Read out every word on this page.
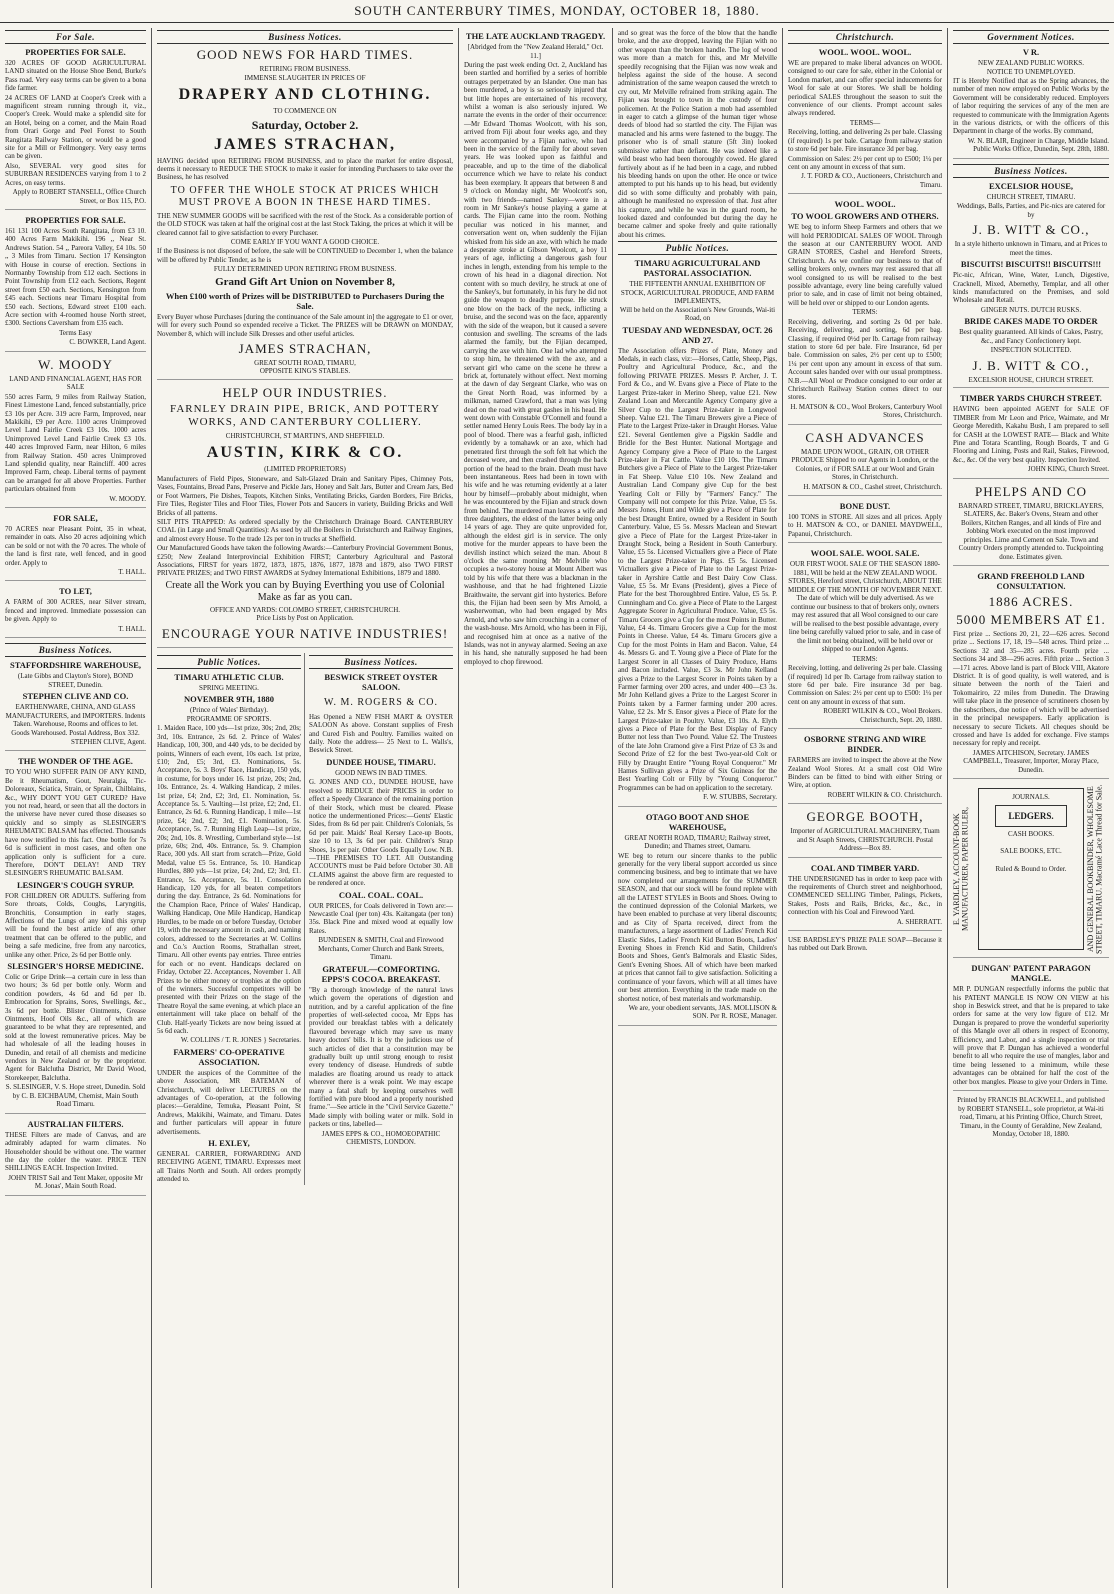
SOUTH CANTERBURY TIMES, MONDAY, OCTOBER 18, 1880.
For Sale.
PROPERTIES FOR SALE.

320 ACRES OF GOOD AGRICULTURAL LAND situated on the House Shoe Bend, Burke's Pass road. Very easy terms can be given to a bona fide farmer.

24 ACRES OF LAND at Cooper's Creek with a magnificent stream running through it, viz., Cooper's Creek. Would make a splendid site for an Hotel, being on a corner, and the Main Road from Orari Gorge and Peel Forest to South Rangitata Railway Station, or would be a good site for a Mill or Fellmongery. Very easy terms can be given.

Also, SEVERAL very good sites for SUBURBAN RESIDENCES varying from 1 to 2 Acres, on easy terms.

Apply to ROBERT STANSELL, Office Church Street, or Box 115, P.O.

PROPERTIES FOR SALE.

161 131 100 Acres South Rangitata, from £3 10. 400 Acres Farm Makikihi. 196 ,, Near St. Andrews Station. 54 ,, Pareora Valley, £4 10s. 50 ,, 3 Miles from Timaru. Section 17 Kensington with House in course of erection. Sections in Normanby Township from £12 each. Sections in Point Township from £12 each. Sections, Regent street from £50 each. Sections, Kensington from £45 each. Sections near Timaru Hospital from £50 each. Sections, Edward street £100 each. Acre section with 4-roomed house North street, £300. Sections Caversham from £35 each.

Terms Easy

C. BOWKER, Land Agent.

W. MOODY

LAND AND FINANCIAL AGENT, HAS FOR SALE

550 acres Farm, 9 miles from Railway Station, Finest Limestone Land, fenced substantially, price £3 10s per Acre. 319 acre Farm, Improved, near Makikihi, £9 per Acre. 1100 acres Unimproved Level Land Fairlie Creek £3 10s. 1000 acres Unimproved Level Land Fairlie Creek £3 10s. 440 acres Improved Farm, near Hilton, 6 miles from Railway Station. 450 acres Unimproved Land splendid quality, near Raincliff. 400 acres Improved Farm, cheap. Liberal terms of payment can be arranged for all above Properties. Further particulars obtained from

W. MOODY.

FOR SALE,

70 ACRES near Pleasant Point, 35 in wheat, remainder in oats. Also 20 acres adjoining which can be sold or not with the 70 acres. The whole of the land is first rate, well fenced, and in good order. Apply to

T. HALL.

TO LET,

A FARM of 300 ACRES, near Silver stream, fenced and improved. Immediate possession can be given. Apply to

T. HALL.

Business Notices.
STAFFORDSHIRE WAREHOUSE,

(Late Gibbs and Clayton's Store), BOND STREET, Dunedin.

STEPHEN CLIVE AND CO.

EARTHENWARE, CHINA, AND GLASS MANUFACTURERS, and IMPORTERS. Indents Taken. Warehouse, Rooms and offices to let. Goods Warehoused. Postal Address, Box 332.

STEPHEN CLIVE, Agent.

THE WONDER OF THE AGE.

TO YOU WHO SUFFER PAIN OF ANY KIND, Be it Rheumatism, Gout, Neuralgia, Tic-Doloreaux, Sciatica, Strain, or Sprain, Chilblains, &c., WHY DON'T YOU GET CURED? Have you not read, heard, or seen that all the doctors in the universe have never cured those diseases so quickly and so simply as SLESINGER'S RHEUMATIC BALSAM has effected. Thousands have now testified to this fact. One bottle for 7s 6d is sufficient in most cases, and often one application only is sufficient for a cure. Therefore, DON'T DELAY! AND TRY SLESINGER'S RHEUMATIC BALSAM.

LESINGER'S COUGH SYRUP.

FOR CHILDREN OR ADULTS. Suffering from Sore throats, Colds, Coughs, Laryngitis, Bronchitis, Consumption in early stages, Affections of the Lungs of any kind this syrup will be found the best article of any other treatment that can be offered to the public, and being a safe medicine, free from any narcotics, unlike any other. Price, 2s 6d per Bottle only.

SLESINGER'S HORSE MEDICINE.

Colic or Gripe Drink—a certain cure in less than two hours; 3s 6d per bottle only. Worm and condition powders, 4s 6d and 6d per lb. Embrocation for Sprains, Sores, Swellings, &c., 3s 6d per bottle. Blister Ointments, Grease Ointments, Hoof Oils &c., all of which are guaranteed to be what they are represented, and sold at the lowest remunerative prices. May be had wholesale of all the leading houses in Dunedin, and retail of all chemists and medicine vendors in New Zealand or by the proprietor. Agent for Balclutha District, Mr David Wood, Storekeeper, Balclutha.

S. SLESINGER, V. S. Hope street, Dunedin. Sold by C. B. EICHBAUM, Chemist, Main South Road Timaru.

AUSTRALIAN FILTERS.

THESE Filters are made of Canvas, and are admirably adapted for warm climates. No Householder should be without one. The warmer the day the colder the water. PRICE TEN SHILLINGS EACH. Inspection Invited.

JOHN TRIST Sail and Tent Maker, opposite Mr M. Jonas', Main South Road.

Business Notices.
GOOD NEWS FOR HARD TIMES.
RETIRING FROM BUSINESS.
IMMENSE SLAUGHTER IN PRICES OF
DRAPERY AND CLOTHING.
TO COMMENCE ON
Saturday, October 2.
JAMES STRACHAN,

HAVING decided upon RETIRING FROM BUSINESS, and to place the market for entire disposal, deems it necessary to REDUCE THE STOCK to make it easier for intending Purchasers to take over the Business, he has resolved

TO OFFER THE WHOLE STOCK AT PRICES WHICH MUST PROVE A BOON IN THESE HARD TIMES.

THE NEW SUMMER GOODS will be sacrificed with the rest of the Stock. As a considerable portion of the OLD STOCK was taken at half the original cost at the last Stock Taking, the prices at which it will be cleared cannot fail to give satisfaction to every Purchaser.

COME EARLY IF YOU WANT A GOOD CHOICE.

If the Business is not disposed of before, the sale will be CONTINUED to December 1, when the balance will be offered by Public Tender, as he is

FULLY DETERMINED UPON RETIRING FROM BUSINESS.
Grand Gift Art Union on November 8,
When £100 worth of Prizes will be DISTRIBUTED to Purchasers During the Sale.

Every Buyer whose Purchases [during the continuance of the Sale amount in] the aggregate to £1 or over, will for every such Pound so expended receive a Ticket. The PRIZES will be DRAWN on MONDAY, November 8, which will include Silk Dresses and other useful articles.

JAMES STRACHAN,
GREAT SOUTH ROAD, TIMARU,
OPPOSITE KING'S STABLES.
HELP OUR INDUSTRIES.
FARNLEY DRAIN PIPE, BRICK, AND POTTERY WORKS, AND CANTERBURY COLLIERY.
CHRISTCHURCH, ST MARTIN'S, AND SHEFFIELD.
AUSTIN, KIRK & CO.
(LIMITED PROPRIETORS)

Manufacturers of Field Pipes, Stoneware, and Salt-Glazed Drain and Sanitary Pipes, Chimney Pots, Vases, Fountains, Bread Pans, Preserve and Pickle Jars, Honey and Salt Jars, Butter and Cream Jars, Bed or Foot Warmers, Pie Dishes, Teapots, Kitchen Sinks, Ventilating Bricks, Garden Borders, Fire Bricks, Fire Tiles, Register Tiles and Floor Tiles, Flower Pots and Saucers in variety, Building Bricks and Well Bricks of all patterns.

SILT PITS TRAPPED: As ordered specially by the Christchurch Drainage Board. CANTERBURY COAL (in Large and Small Quantities): As used by all the Boilers in Christchurch and Railway Engines, and almost every House. To the trade 12s per ton in trucks at Sheffield.

Our Manufactured Goods have taken the following Awards:—Canterbury Provincial Government Bonus, £250; New Zealand Interprovincial Exhibition FIRST; Canterbury Agricultural and Pastoral Associations, FIRST for years 1872, 1873, 1875, 1876, 1877, 1878 and 1879, also TWO FIRST PRIVATE PRIZES; and TWO FIRST AWARDS at Sydney International Exhibitions, 1879 and 1880.

Create all the Work you can by Buying Everthing you use of Colonial Make as far as you can.
OFFICE AND YARDS: COLOMBO STREET, CHRISTCHURCH.
Price Lists by Post on Application.
ENCOURAGE YOUR NATIVE INDUSTRIES!
Public Notices.
TIMARU ATHLETIC CLUB.
SPRING MEETING.
NOVEMBER 9TH, 1880
(Prince of Wales' Birthday).
PROGRAMME OF SPORTS.

1. Maiden Race, 100 yds—1st prize, 30s; 2nd, 20s; 3rd, 10s. Entrance, 2s 6d. 2. Prince of Wales' Handicap, 100, 300, and 440 yds, to be decided by points, Winners of each event, 10s each. 1st prize, £10; 2nd, £5; 3rd, £3. Nominations, 5s. Acceptance, 5s. 3. Boys' Race, Handicap, 150 yds, in costume, for boys under 16. 1st prize, 20s; 2nd, 10s. Entrance, 2s. 4. Walking Handicap, 2 miles. 1st prize, £4; 2nd, £2; 3rd, £1. Nomination, 5s. Acceptance 5s. 5. Vaulting—1st prize, £2; 2nd, £1. Entrance, 2s 6d. 6. Running Handicap, 1 mile—1st prize, £4; 2nd, £2; 3rd, £1. Nomination, 5s. Acceptance, 5s. 7. Running High Leap—1st prize, 20s; 2nd, 10s. 8. Wrestling, Cumberland style—1st prize, 60s; 2nd, 40s. Entrance, 5s. 9. Champion Race, 300 yds. All start from scratch—Prize, Gold Medal, value £5 5s. Entrance, 5s. 10. Handicap Hurdles, 880 yds—1st prize, £4; 2nd, £2; 3rd, £1. Entrance, 5s. Acceptance, 5s. 11. Consolation Handicap, 120 yds, for all beaten competitors during the day. Entrance, 2s 6d. Nominations for the Champion Race, Prince of Wales' Handicap, Walking Handicap, One Mile Handicap, Handicap Hurdles, to be made on or before Tuesday, October 19, with the necessary amount in cash, and naming colors, addressed to the Secretaries at W. Collins and Co.'s Auction Rooms, Strathallan street, Timaru. All other events pay entries. Three entries for each or no event. Handicaps declared on Friday, October 22. Acceptances, November 1. All Prizes to be either money or trophies at the option of the winners. Successful competitors will be presented with their Prizes on the stage of the Theatre Royal the same evening, at which place an entertainment will take place on behalf of the Club. Half-yearly Tickets are now being issued at 5s 6d each.

W. COLLINS / T. R. JONES } Secretaries.

FARMERS' CO-OPERATIVE ASSOCIATION.

UNDER the auspices of the Committee of the above Association, MR BATEMAN of Christchurch, will deliver LECTURES on the advantages of Co-operation, at the following places:—Geraldine, Temuka, Pleasant Point, St Andrews, Makikihi, Waimate, and Timaru. Dates and further particulars will appear in future advertisements.

H. EXLEY,

GENERAL CARRIER, FORWARDING AND RECEIVING AGENT, TIMARU. Expresses meet all Trains North and South. All orders promptly attended to.

Business Notices.
BESWICK STREET OYSTER SALOON.
W. M. ROGERS & CO.

Has Opened a NEW FISH MART & OYSTER SALOON As above. Constant supplies of Fresh and Cured Fish and Poultry. Families waited on daily. Note the address— 25 Next to L. Walls's, Beswick Street.

DUNDEE HOUSE, TIMARU.
GOOD NEWS IN BAD TIMES.

G. JONES AND CO., DUNDEE HOUSE, have resolved to REDUCE their PRICES in order to effect a Speedy Clearance of the remaining portion of their Stock, which must be cleared. Please notice the undermentioned Prices:—Gents' Elastic Sides, from 8s 6d per pair. Children's Colonials, 5s 6d per pair. Maids' Real Kersey Lace-up Boots, size 10 to 13, 3s 6d per pair. Children's Strap Shoes, 1s per pair. Other Goods Equally Low. N.B.—THE PREMISES TO LET. All Outstanding ACCOUNTS must be Paid before October 30. All CLAIMS against the above firm are requested to be rendered at once.

COAL. COAL. COAL.

OUR PRICES, for Coals delivered in Town are:— Newcastle Coal (per ton) 43s. Kaitangata (per ton) 35s. Black Pine and mixed wood at equally low Rates.

BUNDESEN & SMITH, Coal and Firewood Merchants, Corner Church and Bank Streets, Timaru.

GRATEFUL—COMFORTING. EPPS'S COCOA. BREAKFAST.

"By a thorough knowledge of the natural laws which govern the operations of digestion and nutrition, and by a careful application of the fine properties of well-selected cocoa, Mr Epps has provided our breakfast tables with a delicately flavoured beverage which may save us many heavy doctors' bills. It is by the judicious use of such articles of diet that a constitution may be gradually built up until strong enough to resist every tendency of disease. Hundreds of subtle maladies are floating around us ready to attack wherever there is a weak point. We may escape many a fatal shaft by keeping ourselves well fortified with pure blood and a properly nourished frame."—See article in the "Civil Service Gazette." Made simply with boiling water or milk. Sold in packets or tins, labelled—

JAMES EPPS & CO., HOMOEOPATHIC CHEMISTS, LONDON.

THE LATE AUCKLAND TRAGEDY.

[Abridged from the "New Zealand Herald," Oct. 11.]

During the past week ending Oct. 2, Auckland has been startled and horrified by a series of horrible outrages perpetrated by an Islander. One man has been murdered, a boy is so seriously injured that but little hopes are entertained of his recovery, whilst a woman is also seriously injured. We narrate the events in the order of their occurrence:—Mr Edward Thomas Woolcott, with his son, arrived from Fiji about four weeks ago, and they were accompanied by a Fijian native, who had been in the service of the family for about seven years. He was looked upon as faithful and peaceable, and up to the time of the diabolical occurrence which we have to relate his conduct has been exemplary. It appears that between 8 and 9 o'clock on Monday night, Mr Woolcott's son, with two friends—named Sankey—were in a room in Mr Sankey's house playing a game at cards. The Fijian came into the room. Nothing peculiar was noticed in his manner, and conversation went on, when suddenly the Fijian whisked from his side an axe, with which he made a desperate stroke at Gibson Woolcott, a boy 11 years of age, inflicting a dangerous gash four inches in length, extending from his temple to the crown of his head in a diagonal direction. Not content with so much devilry, he struck at one of the Sankey's, but fortunately, in his fury he did not guide the weapon to deadly purpose. He struck one blow on the back of the neck, inflicting a bruise, and the second was on the face, apparently with the side of the weapon, but it caused a severe contusion and swelling. The screams of the lads alarmed the family, but the Fijian decamped, carrying the axe with him. One lad who attempted to stop him, he threatened with the axe, and a servant girl who came on the scene he threw a brick at, fortunately without effect. Next morning at the dawn of day Sergeant Clarke, who was on the Great North Road, was informed by a milkman, named Crawford, that a man was lying dead on the road with great gashes in his head. He went down with Constable O'Connell and found a settler named Henry Louis Rees. The body lay in a pool of blood. There was a fearful gash, inflicted evidently by a tomahawk or an axe, which had penetrated first through the soft felt hat which the deceased wore, and then crashed through the back portion of the head to the brain. Death must have been instantaneous. Rees had been in town with his wife and he was returning evidently at a later hour by himself—probably about midnight, when he was encountered by the Fijian and struck down from behind. The murdered man leaves a wife and three daughters, the eldest of the latter being only 14 years of age. They are quite unprovided for, although the eldest girl is in service. The only motive for the murder appears to have been the devilish instinct which seized the man. About 8 o'clock the same morning Mr Melville who occupies a two-storey house at Mount Albert was told by his wife that there was a blackman in the washhouse, and that he had frightened Lizzie Braithwaite, the servant girl into hysterics. Before this, the Fijian had been seen by Mrs Arnold, a washerwoman, who had been engaged by Mrs Arnold, and who saw him crouching in a corner of the wash-house. Mrs Arnold, who has been in Fiji, and recognised him at once as a native of the Islands, was not in anyway alarmed. Seeing an axe in his hand, she naturally supposed he had been employed to chop firewood.

and so great was the force of the blow that the handle broke, and the axe dropped, leaving the Fijian with no other weapon than the broken handle. The log of wood was more than a match for this, and Mr Melville speedily recognising that the Fijian was now weak and helpless against the side of the house. A second administration of the same weapon caused the wretch to cry out, Mr Melville refrained from striking again. The Fijian was brought to town in the custody of four policemen. At the Police Station a mob had assembled in eager to catch a glimpse of the human tiger whose deeds of blood had so startled the city. The Fijian was manacled and his arms were fastened to the buggy. The prisoner who is of small stature (5ft 3in) looked submissive rather than defiant. He was indeed like a wild beast who had been thoroughly cowed. He glared furtively about as if he had been in a cage, and rubbed his bleeding hands on upon the other. He once or twice attempted to put his hands up to his head, but evidently did so with some difficulty and probably with pain, although he manifested no expression of that. Just after his capture, and while he was in the guard room, he looked dazed and confounded but during the day he became calmer and spoke freely and quite rationally about his crimes.

Public Notices.
TIMARU AGRICULTURAL AND PASTORAL ASSOCIATION.
THE FIFTEENTH ANNUAL EXHIBITION OF STOCK, AGRICULTURAL PRODUCE, AND FARM IMPLEMENTS,
Will be held on the Association's New Grounds, Wai-iti Road, on
TUESDAY AND WEDNESDAY, OCT. 26 AND 27.

The Association offers Prizes of Plate, Money and Medals, in each class, viz:—Horses, Cattle, Sheep, Pigs, Poultry and Agricultural Produce, &c., and the following PRIVATE PRIZES. Messrs P. Archer, J. T. Ford & Co., and W. Evans give a Piece of Plate to the Largest Prize-taker in Merino Sheep, value £21. New Zealand Loan and Mercantile Agency Company give a Silver Cup to the Largest Prize-taker in Longwool Sheep. Value £21. The Timaru Brewers give a Piece of Plate to the Largest Prize-taker in Draught Horses. Value £21. Several Gentlemen give a Pigskin Saddle and Bridle for the Best Hunter. National Mortgage and Agency Company give a Piece of Plate to the Largest Prize-taker in Fat Cattle. Value £10 10s. The Timaru Butchers give a Piece of Plate to the Largest Prize-taker in Fat Sheep. Value £10 10s. New Zealand and Australian Land Company give Cup for the best Yearling Colt or Filly by "Farmers' Fancy." The Company will not compete for this Prize. Value, £5 5s. Messrs Jones, Hunt and Wilde give a Piece of Plate for the best Draught Entire, owned by a Resident in South Canterbury. Value, £5 5s. Messrs Maclean and Stewart give a Piece of Plate for the Largest Prize-taker in Draught Stock, being a Resident in South Canterbury. Value, £5 5s. Licensed Victuallers give a Piece of Plate to the Largest Prize-taker in Pigs. £5 5s. Licensed Victuallers give a Piece of Plate to the Largest Prize-taker in Ayrshire Cattle and Best Dairy Cow Class. Value, £5 5s. Mr Evans (President), gives a Piece of Plate for the best Thoroughbred Entire. Value, £5 5s. P. Cunningham and Co. give a Piece of Plate to the Largest Aggregate Scorer in Agricultural Produce. Value, £5 5s. Timaru Grocers give a Cup for the most Points in Butter. Value, £4 4s. Timaru Grocers give a Cup for the most Points in Cheese. Value, £4 4s. Timaru Grocers give a Cup for the most Points in Ham and Bacon. Value, £4 4s. Messrs G. and T. Young give a Piece of Plate for the Largest Scorer in all Classes of Dairy Produce, Hams and Bacon included. Value, £3 3s. Mr John Kelland gives a Prize to the Largest Scorer in Points taken by a Farmer farming over 200 acres, and under 400—£3 3s. Mr John Kelland gives a Prize to the Largest Scorer in Points taken by a Farmer farming under 200 acres. Value, £2 2s. Mr S. Ensor gives a Piece of Plate for the Largest Prize-taker in Poultry. Value, £3 10s. A. Elyth gives a Piece of Plate for the Best Display of Fancy Butter not less than Two Pound. Value £2. The Trustees of the late John Cramond give a First Prize of £3 3s and Second Prize of £2 for the best Two-year-old Colt or Filly by Draught Entire "Young Royal Conqueror." Mr Hames Sullivan gives a Prize of Six Guineas for the Best Yearling Colt or Filly by "Young Conqueror." Programmes can be had on application to the secretary.

F. W. STUBBS, Secretary.

OTAGO BOOT AND SHOE WAREHOUSE,
GREAT NORTH ROAD, TIMARU; Railway street, Dunedin; and Thames street, Oamaru.

WE beg to return our sincere thanks to the public generally for the very liberal support accorded us since commencing business, and beg to intimate that we have now completed our arrangements for the SUMMER SEASON, and that our stock will be found replete with all the LATEST STYLES in Boots and Shoes. Owing to the continued depression of the Colonial Markets, we have been enabled to purchase at very liberal discounts; and as City of Sparta received, direct from the manufacturers, a large assortment of Ladies' French Kid Elastic Sides, Ladies' French Kid Button Boots, Ladies' Evening Shoes in French Kid and Satin, Children's Boots and Shoes, Gent's Balmorals and Elastic Sides, Gent's Evening Shoes. All of which have been marked at prices that cannot fail to give satisfaction. Soliciting a continuance of your favors, which will at all times have our best attention. Everything in the trade made on the shortest notice, of best materials and workmanship.

We are, your obedient servants, JAS. MOLLISON & SON. Per R. ROSE, Manager.

Christchurch.
WOOL. WOOL. WOOL.

WE are prepared to make liberal advances on WOOL consigned to our care for sale, either in the Colonial or London market, and can offer special inducements for Wool for sale at our Stores. We shall be holding periodical SALES throughout the season to suit the convenience of our clients. Prompt account sales always rendered.

TERMS—

Receiving, lotting, and delivering 2s per bale. Classing (if required) 1s per bale. Cartage from railway station to store 6d per bale. Fire insurance 3d per bag.

Commission on Sales: 2½ per cent up to £500; 1¼ per cent on any amount in excess of that sum.

J. T. FORD & CO., Auctioneers, Christchurch and Timaru.

WOOL. WOOL.
TO WOOL GROWERS AND OTHERS.

WE beg to inform Sheep Farmers and others that we will hold PERIODICAL SALES OF WOOL Through the season at our CANTERBURY WOOL AND GRAIN STORES, Cashel and Hereford Streets, Christchurch. As we confine our business to that of selling brokers only, owners may rest assured that all wool consigned to us will be realised to the best possible advantage, every line being carefully valued prior to sale, and in case of limit not being obtained, will be held over or shipped to our London agents.

TERMS:

Receiving, delivering, and sorting 2s 0d per bale. Receiving, delivering, and sorting, 6d per bag. Classing, if required 0½d per lb. Cartage from railway station to store 6d per bale. Fire Insurance, 6d per bale. Commission on sales, 2½ per cent up to £500; 1¼ per cent upon any amount in excess of that sum. Account sales handed over with our usual promptness. N.B.—All Wool or Produce consigned to our order at Christchurch Railway Station comes direct to our stores.

H. MATSON & CO., Wool Brokers, Canterbury Wool Stores, Christchurch.

CASH ADVANCES

MADE UPON WOOL, GRAIN, OR OTHER PRODUCE Shipped to our Agents in London, or the Colonies, or if FOR SALE at our Wool and Grain Stores, in Christchurch.

H. MATSON & CO., Cashel street, Christchurch.

BONE DUST.

100 TONS in STORE. All sizes and all prices. Apply to H. MATSON & CO., or DANIEL MAYDWELL, Papanui, Christchurch.

WOOL SALE. WOOL SALE.

OUR FIRST WOOL SALE OF THE SEASON 1880-1881, Will be held at the NEW ZEALAND WOOL STORES, Hereford street, Christchurch, ABOUT THE MIDDLE OF THE MONTH OF NOVEMBER NEXT. The date of which will be duly advertised. As we continue our business to that of brokers only, owners may rest assured that all Wool consigned to our care will be realised to the best possible advantage, every line being carefully valued prior to sale, and in case of the limit not being obtained, will be held over or shipped to our London Agents.

TERMS:

Receiving, lotting, and delivering 2s per bale. Classing (if required) 1d per lb. Cartage from railway station to store 6d per bale. Fire insurance 3d per bag. Commission on Sales: 2½ per cent up to £500: 1¼ per cent on any amount in excess of that sum.

ROBERT WILKIN & CO., Wool Brokers. Christchurch, Sept. 20, 1880.

OSBORNE STRING AND WIRE BINDER.

FARMERS are invited to inspect the above at the New Zealand Wool Stores. At a small cost Old Wire Binders can be fitted to bind with either String or Wire, at option.

ROBERT WILKIN & CO. Christchurch.

GEORGE BOOTH,

Importer of AGRICULTURAL MACHINERY, Tuam and St Asaph Streets, CHRISTCHURCH. Postal Address—Box 89.

COAL AND TIMBER YARD.

THE UNDERSIGNED has in order to keep pace with the requirements of Church street and neighborhood, COMMENCED SELLING Timber, Palings, Pickets, Stakes, Posts and Rails, Bricks, &c., &c., in connection with his Coal and Firewood Yard.

A. SHERRATT.

USE BARDSLEY'S PRIZE PALE SOAP—Because it has rubbed out Dark Brown.

Government Notices.
V R.
NEW ZEALAND PUBLIC WORKS.
NOTICE TO UNEMPLOYED.

IT is Hereby Notified that as the Spring advances, the number of men now employed on Public Works by the Government will be considerably reduced. Employers of labor requiring the services of any of the men are requested to communicate with the Immigration Agents in the various districts, or with the officers of this Department in charge of the works. By command,

W. N. BLAIR, Engineer in Charge, Middle Island. Public Works Office, Dunedin, Sept. 28th, 1880.

Business Notices.
EXCELSIOR HOUSE,
CHURCH STREET, TIMARU.

Weddings, Balls, Parties, and Pic-nics are catered for by

J. B. WITT & CO.,

In a style hitherto unknown in Timaru, and at Prices to meet the times.

BISCUITS! BISCUITS!! BISCUITS!!!

Pic-nic, African, Wine, Water, Lunch, Digestive, Cracknell, Mixed, Abernethy, Templar, and all other kinds manufactured on the Premises, and sold Wholesale and Retail.

GINGER NUTS. DUTCH RUSKS.
BRIDE CAKES MADE TO ORDER

Best quality guaranteed. All kinds of Cakes, Pastry, &c., and Fancy Confectionery kept.

INSPECTION SOLICITED.
J. B. WITT & CO.,
EXCELSIOR HOUSE, CHURCH STREET.
TIMBER YARDS CHURCH STREET.

HAVING been appointed AGENT for SALE OF TIMBER from Mr Leon and Price, Waimate, and Mr George Meredith, Kakahu Bush, I am prepared to sell for CASH at the LOWEST RATE— Black and White Pine and Totara Scantling, Rough Boards, T and G Flooring and Lining, Posts and Rail, Stakes, Firewood, &c., &c. Of the very best quality. Inspection Invited.

JOHN KING, Church Street.

PHELPS AND CO

BARNARD STREET, TIMARU, BRICKLAYERS, SLATERS, &c. Baker's Ovens, Steam and other Boilers, Kitchen Ranges, and all kinds of Fire and Jobbing Work executed on the most improved principles. Lime and Cement on Sale. Town and Country Orders promptly attended to. Tuckpointing done. Estimates given.

GRAND FREEHOLD LAND CONSULTATION.
1886 ACRES.
5000 MEMBERS AT £1.

First prize ... Sections 20, 21, 22—626 acres. Second prize ... Sections 17, 18, 19—548 acres. Third prize ... Sections 32 and 35—285 acres. Fourth prize ... Sections 34 and 38—296 acres. Fifth prize ... Section 3 —171 acres. Above land is part of Block VIII, Akatore District. It is of good quality, is well watered, and is situate between the north of the Taieri and Tokomairiro, 22 miles from Dunedin. The Drawing will take place in the presence of scrutineers chosen by the subscribers, due notice of which will be advertised in the principal newspapers. Early application is necessary to secure Tickets. All cheques should be crossed and have 1s added for exchange. Five stamps necessary for reply and receipt.

JAMES AITCHISON, Secretary. JAMES CAMPBELL, Treasurer, Importer, Moray Place, Dunedin.

E. YARDLEY, ACCOUNT-BOOK MANUFACTURER, PAPER RULER,
JOURNALS.
LEDGERS.
CASH BOOKS.
SALE BOOKS, ETC.
Ruled & Bound to Order.	AND GENERAL BOOKBINDER, WHOLESOME STREET, TIMARU. Macramé Lace Thread for Sale.
DUNGAN' PATENT PARAGON MANGLE.

MR P. DUNGAN respectfully informs the public that his PATENT MANGLE IS NOW ON VIEW at his shop in Beswick street, and that he is prepared to take orders for same at the very low figure of £12. Mr Dungan is prepared to prove the wonderful superiority of this Mangle over all others in respect of Economy, Efficiency, and Labor, and a single inspection or trial will prove that P. Dungan has achieved a wonderful benefit to all who require the use of mangles, labor and time being lessened to a minimum, while these advantages can be obtained for half the cost of the other box mangles. Please to give your Orders in Time.

Printed by FRANCIS BLACKWELL, and published by ROBERT STANSELL, sole proprietor, at Wai-iti road, Timaru, at his Printing Office, Church Street, Timaru, in the County of Geraldine, New Zealand, Monday, October 18, 1880.
